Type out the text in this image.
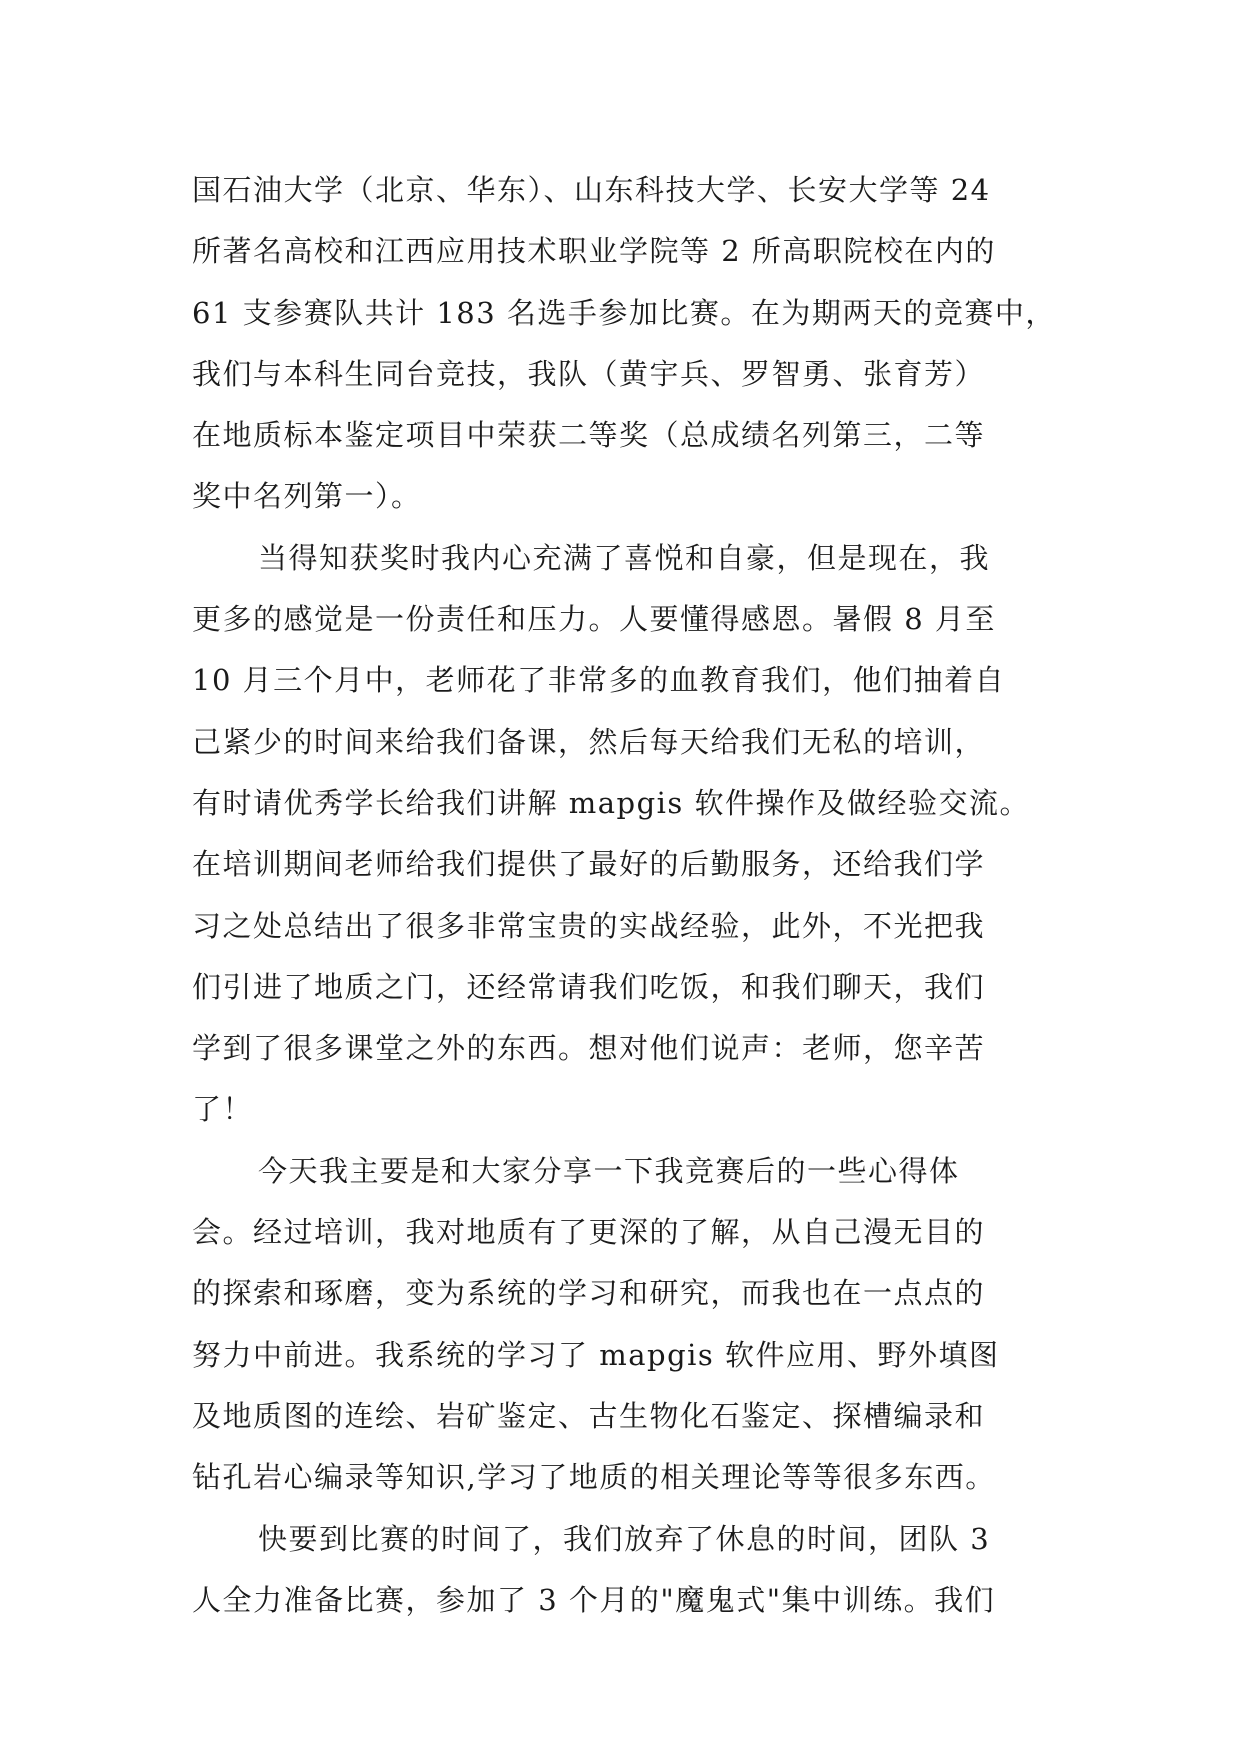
国石油大学（北京、华东）、山东科技大学、长安大学等 24
所著名高校和江西应用技术职业学院等 2 所高职院校在内的
61 支参赛队共计 183 名选手参加比赛。在为期两天的竞赛中，
我们与本科生同台竞技，我队（黄宇兵、罗智勇、张育芳）
在地质标本鉴定项目中荣获二等奖（总成绩名列第三，二等
奖中名列第一）。
当得知获奖时我内心充满了喜悦和自豪，但是现在，我
更多的感觉是一份责任和压力。人要懂得感恩。暑假 8 月至
10 月三个月中，老师花了非常多的血教育我们，他们抽着自
己紧少的时间来给我们备课，然后每天给我们无私的培训，
有时请优秀学长给我们讲解 mapgis 软件操作及做经验交流。
在培训期间老师给我们提供了最好的后勤服务，还给我们学
习之处总结出了很多非常宝贵的实战经验，此外，不光把我
们引进了地质之门，还经常请我们吃饭，和我们聊天，我们
学到了很多课堂之外的东西。想对他们说声：老师，您辛苦
了！
今天我主要是和大家分享一下我竞赛后的一些心得体
会。经过培训，我对地质有了更深的了解，从自己漫无目的
的探索和琢磨，变为系统的学习和研究，而我也在一点点的
努力中前进。我系统的学习了 mapgis 软件应用、野外填图
及地质图的连绘、岩矿鉴定、古生物化石鉴定、探槽编录和
钻孔岩心编录等知识,学习了地质的相关理论等等很多东西。
快要到比赛的时间了，我们放弃了休息的时间，团队 3
人全力准备比赛，参加了 3 个月的"魔鬼式"集中训练。我们
